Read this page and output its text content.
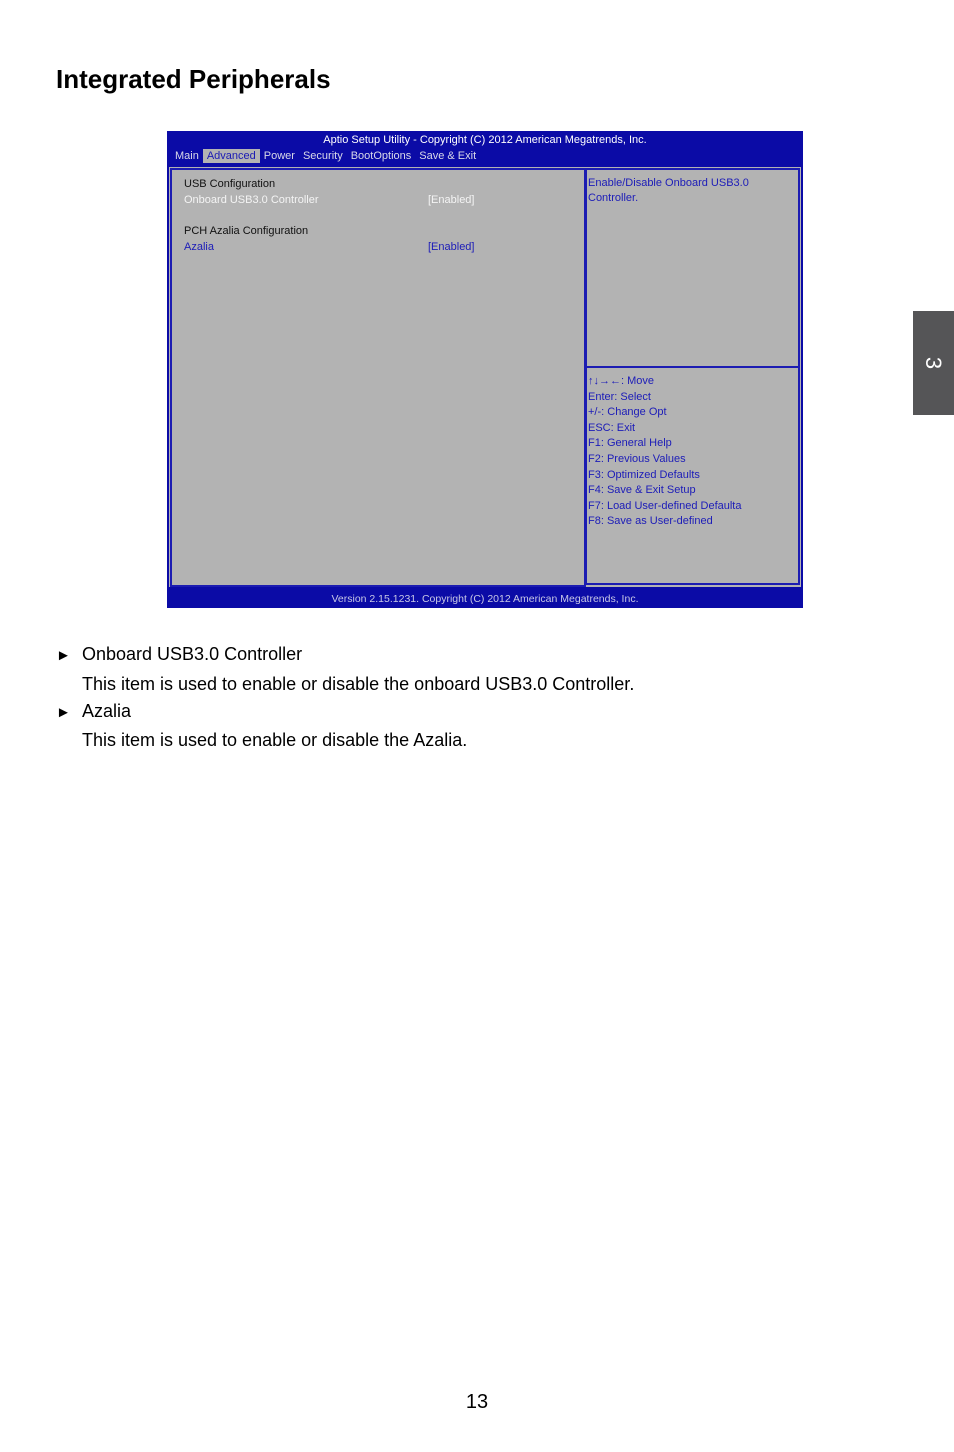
Integrated Peripherals
3
Aptio Setup Utility - Copyright (C) 2012 American Megatrends, Inc.
Main Advanced Power Security BootOptions Save & Exit
USB Configuration
Onboard USB3.0 Controller	[Enabled]
PCH Azalia Configuration
Azalia	[Enabled]

Enable/Disable Onboard USB3.0 Controller.

↑↓→←: Move
Enter: Select
+/-: Change Opt
ESC: Exit
F1: General Help
F2: Previous Values
F3: Optimized Defaults
F4: Save & Exit Setup
F7: Load User-defined Defaulta
F8: Save as User-defined
Version 2.15.1231. Copyright (C) 2012 American Megatrends, Inc.
► Onboard USB3.0 Controller
This item is used to enable or disable the onboard USB3.0 Controller.
► Azalia
This item is used to enable or disable the Azalia.
13
